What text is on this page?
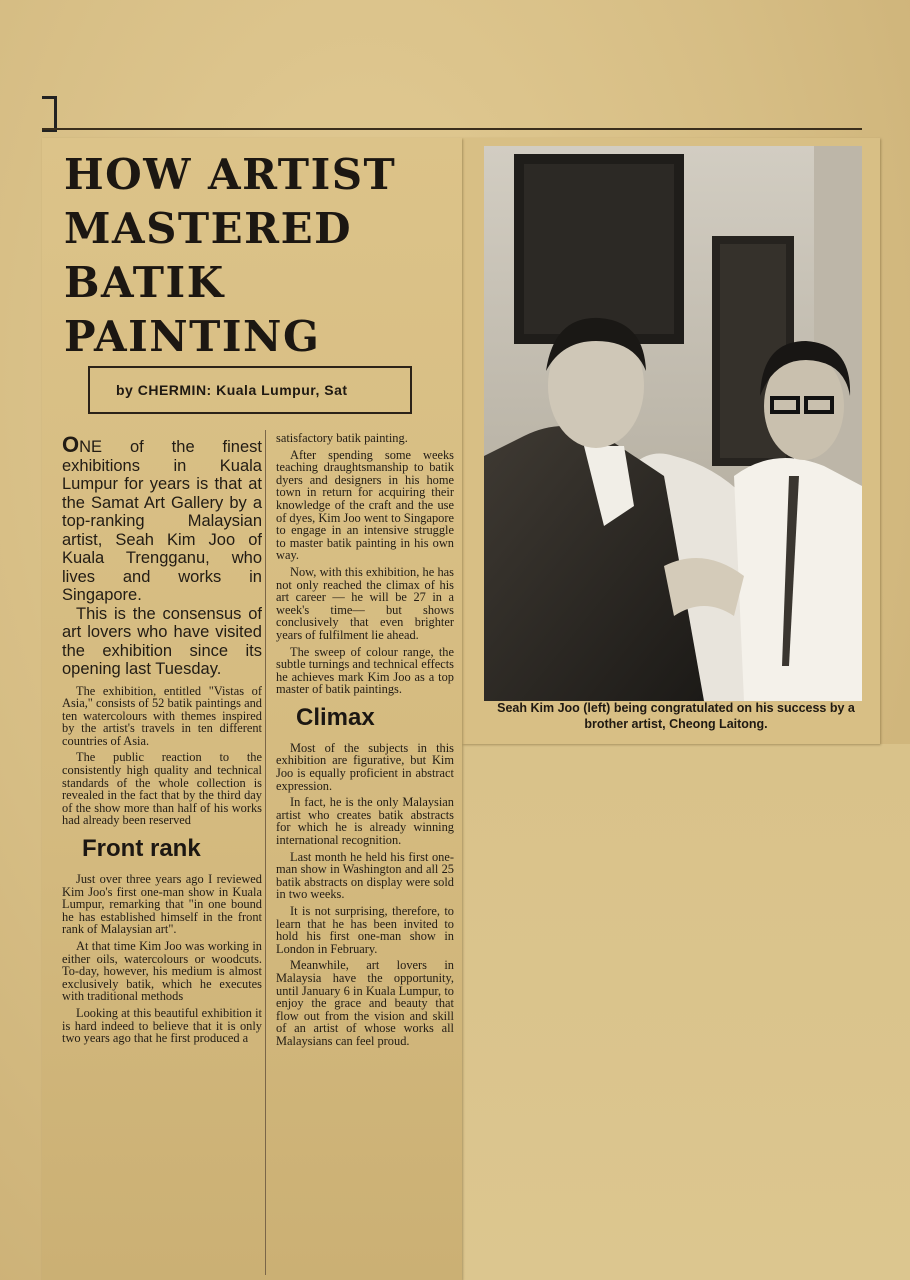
HOW ARTIST
MASTERED
BATIK
PAINTING
by CHERMIN: Kuala Lumpur, Sat

ONE of the finest exhibitions in Kuala Lumpur for years is that at the Samat Art Gallery by a top-ranking Malaysian artist, Seah Kim Joo of Kuala Trengganu, who lives and works in Singapore.

This is the consensus of art lovers who have visited the exhibition since its opening last Tuesday.

The exhibition, entitled "Vistas of Asia," consists of 52 batik paintings and ten watercolours with themes inspired by the artist's travels in ten different countries of Asia.

The public reaction to the consistently high quality and technical standards of the whole collection is revealed in the fact that by the third day of the show more than half of his works had already been reserved

Front rank

Just over three years ago I reviewed Kim Joo's first one-man show in Kuala Lumpur, remarking that "in one bound he has established himself in the front rank of Malaysian art".

At that time Kim Joo was working in either oils, watercolours or woodcuts. To-day, however, his medium is almost exclusively batik, which he executes with traditional methods

Looking at this beautiful exhibition it is hard indeed to believe that it is only two years ago that he first produced a

satisfactory batik painting.

After spending some weeks teaching draughtsmanship to batik dyers and designers in his home town in return for acquiring their knowledge of the craft and the use of dyes, Kim Joo went to Singapore to engage in an intensive struggle to master batik painting in his own way.

Now, with this exhibition, he has not only reached the climax of his art career — he will be 27 in a week's time— but shows conclusively that even brighter years of fulfilment lie ahead.

The sweep of colour range, the subtle turnings and technical effects he achieves mark Kim Joo as a top master of batik paintings.

Climax

Most of the subjects in this exhibition are figurative, but Kim Joo is equally proficient in abstract expression.

In fact, he is the only Malaysian artist who creates batik abstracts for which he is already winning international recognition.

Last month he held his first one-man show in Washington and all 25 batik abstracts on display were sold in two weeks.

It is not surprising, therefore, to learn that he has been invited to hold his first one-man show in London in February.

Meanwhile, art lovers in Malaysia have the opportunity, until January 6 in Kuala Lumpur, to enjoy the grace and beauty that flow out from the vision and skill of an artist of whose works all Malaysians can feel proud.

Seah Kim Joo (left) being congratulated on his success by a brother artist, Cheong Laitong.
